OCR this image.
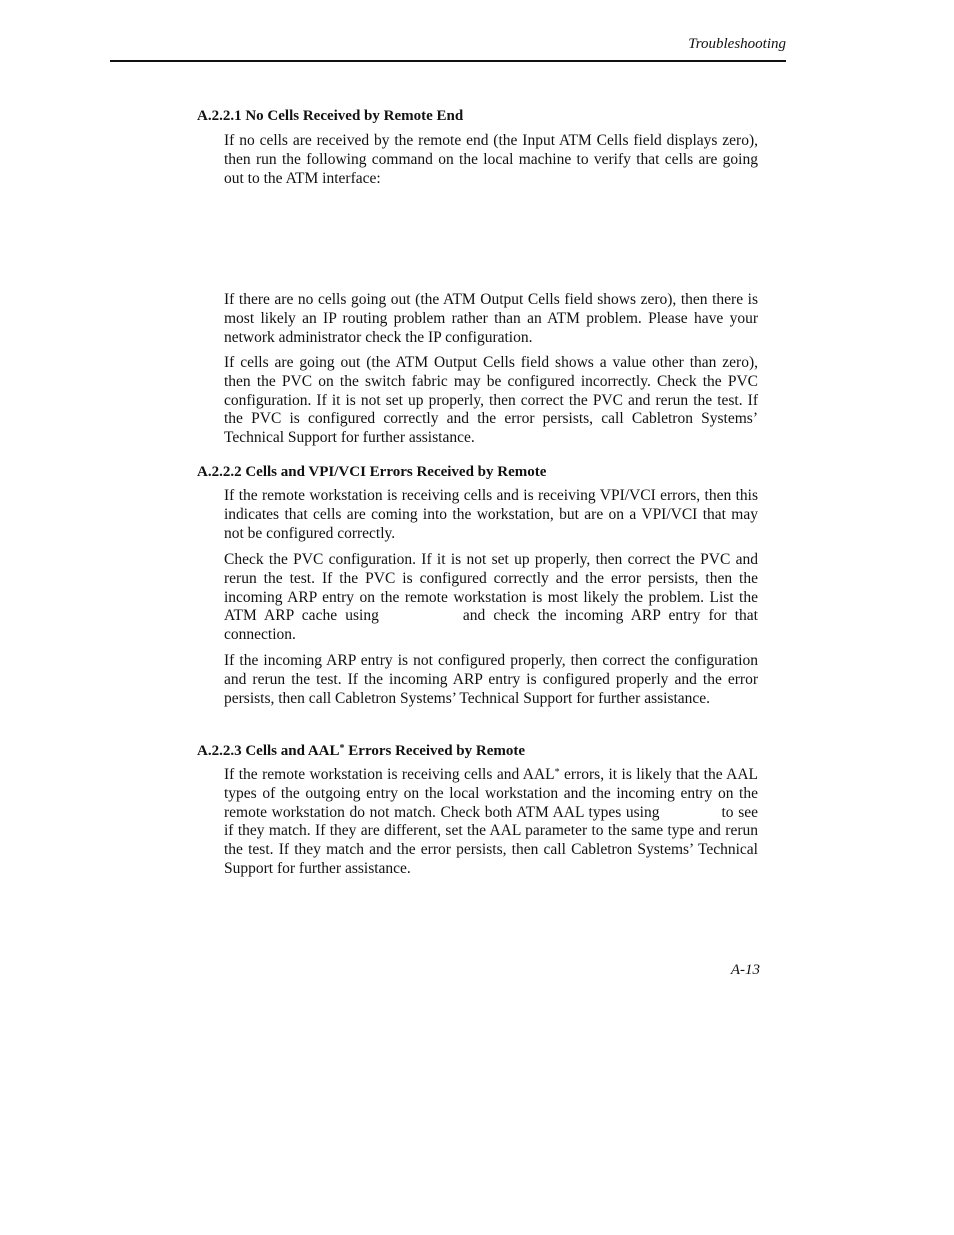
Troubleshooting
A.2.2.1 No Cells Received by Remote End
If no cells are received by the remote end (the Input ATM Cells field displays zero), then run the following command on the local machine to verify that cells are going out to the ATM interface:
If there are no cells going out (the ATM Output Cells field shows zero), then there is most likely an IP routing problem rather than an ATM problem. Please have your network administrator check the IP configuration.
If cells are going out (the ATM Output Cells field shows a value other than zero), then the PVC on the switch fabric may be configured incorrectly. Check the PVC configuration. If it is not set up properly, then correct the PVC and rerun the test. If the PVC is configured correctly and the error persists, call Cabletron Systems’ Technical Support for further assistance.
A.2.2.2 Cells and VPI/VCI Errors Received by Remote
If the remote workstation is receiving cells and is receiving VPI/VCI errors, then this indicates that cells are coming into the workstation, but are on a VPI/VCI that may not be configured correctly.
Check the PVC configuration. If it is not set up properly, then correct the PVC and rerun the test. If the PVC is configured correctly and the error persists, then the incoming ARP entry on the remote workstation is most likely the problem. List the ATM ARP cache using	and check the incoming ARP entry for that connection.
If the incoming ARP entry is not configured properly, then correct the configuration and rerun the test. If the incoming ARP entry is configured properly and the error persists, then call Cabletron Systems’ Technical Support for further assistance.
A.2.2.3 Cells and AAL* Errors Received by Remote
If the remote workstation is receiving cells and AAL* errors, it is likely that the AAL types of the outgoing entry on the local workstation and the incoming entry on the remote workstation do not match. Check both ATM AAL types using	to see if they match. If they are different, set the AAL parameter to the same type and rerun the test. If they match and the error persists, then call Cabletron Systems’ Technical Support for further assistance.
A-13
